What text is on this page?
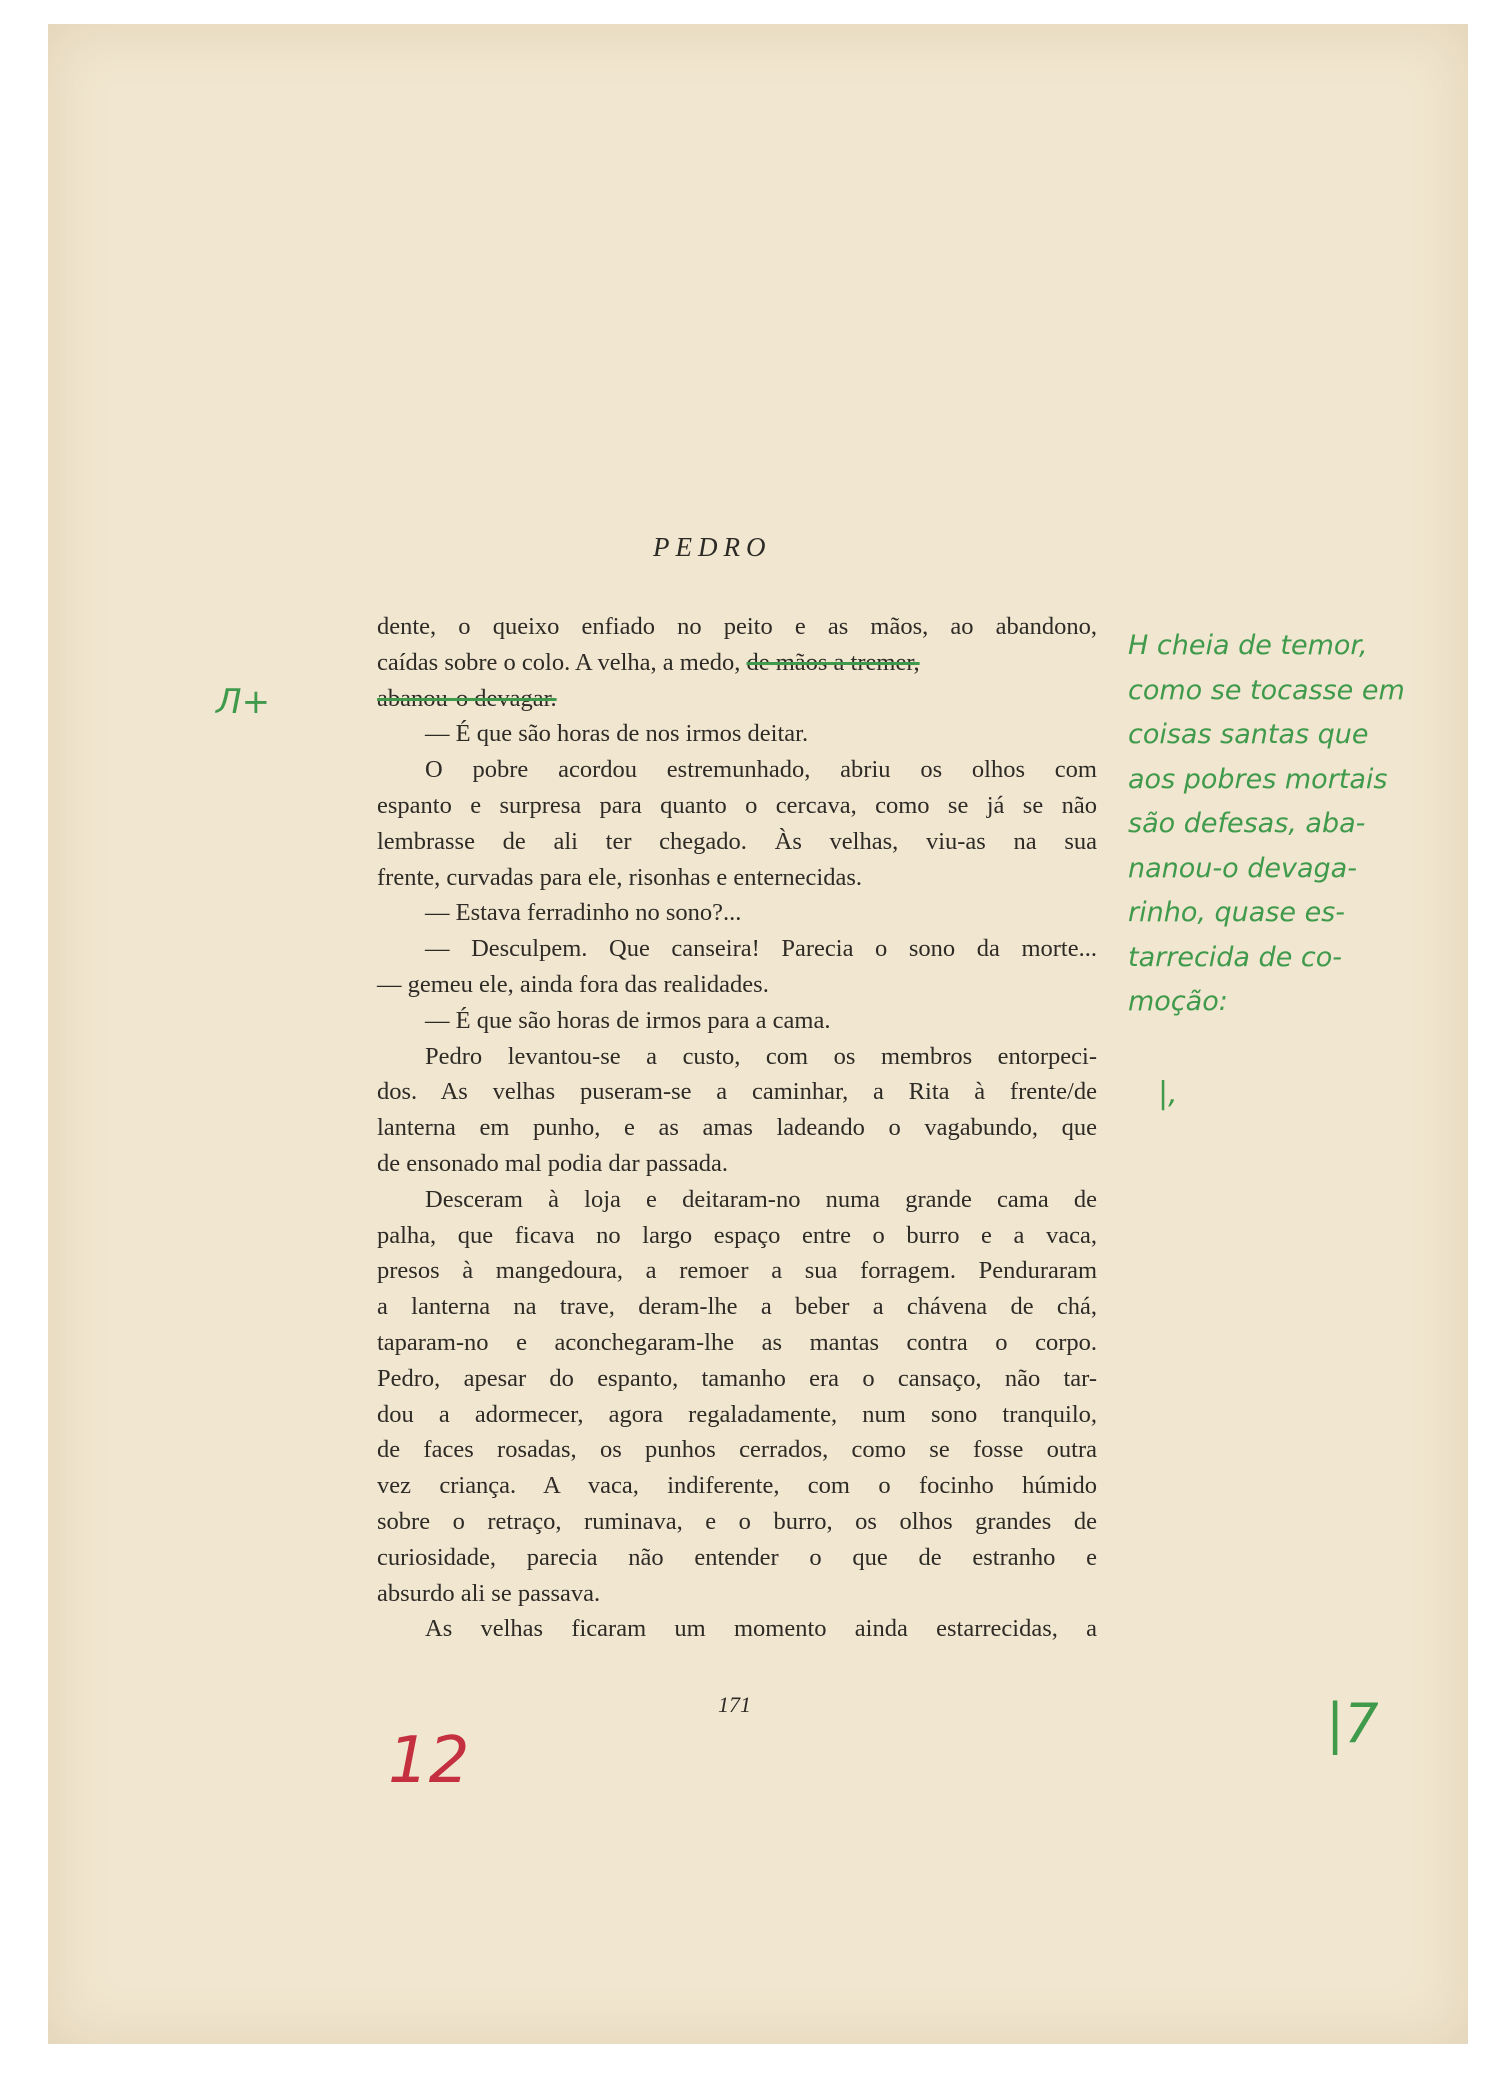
PEDRO
dente, o queixo enfiado no peito e as mãos, ao abandono,
caídas sobre o colo. A velha, a medo, de mãos a tremer,
abanou-o devagar.
— É que são horas de nos irmos deitar.
O pobre acordou estremunhado, abriu os olhos com
espanto e surpresa para quanto o cercava, como se já se não
lembrasse de ali ter chegado. Às velhas, viu-as na sua
frente, curvadas para ele, risonhas e enternecidas.
— Estava ferradinho no sono?...
— Desculpem. Que canseira! Parecia o sono da morte...
— gemeu ele, ainda fora das realidades.
— É que são horas de irmos para a cama.
Pedro levantou-se a custo, com os membros entorpeci-
dos. As velhas puseram-se a caminhar, a Rita à frente/de
lanterna em punho, e as amas ladeando o vagabundo, que
de ensonado mal podia dar passada.
Desceram à loja e deitaram-no numa grande cama de
palha, que ficava no largo espaço entre o burro e a vaca,
presos à mangedoura, a remoer a sua forragem. Penduraram
a lanterna na trave, deram-lhe a beber a chávena de chá,
taparam-no e aconchegaram-lhe as mantas contra o corpo.
Pedro, apesar do espanto, tamanho era o cansaço, não tar-
dou a adormecer, agora regaladamente, num sono tranquilo,
de faces rosadas, os punhos cerrados, como se fosse outra
vez criança. A vaca, indiferente, com o focinho húmido
sobre o retraço, ruminava, e o burro, os olhos grandes de
curiosidade, parecia não entender o que de estranho e
absurdo ali se passava.
As velhas ficaram um momento ainda estarrecidas, a
171
H cheia de temor,
como se tocasse em
coisas santas que
aos pobres mortais
são defesas, aba-
nanou-o devaga-
rinho, quase es-
tarrecida de co-
moção:
Л+
|,
12
|7
